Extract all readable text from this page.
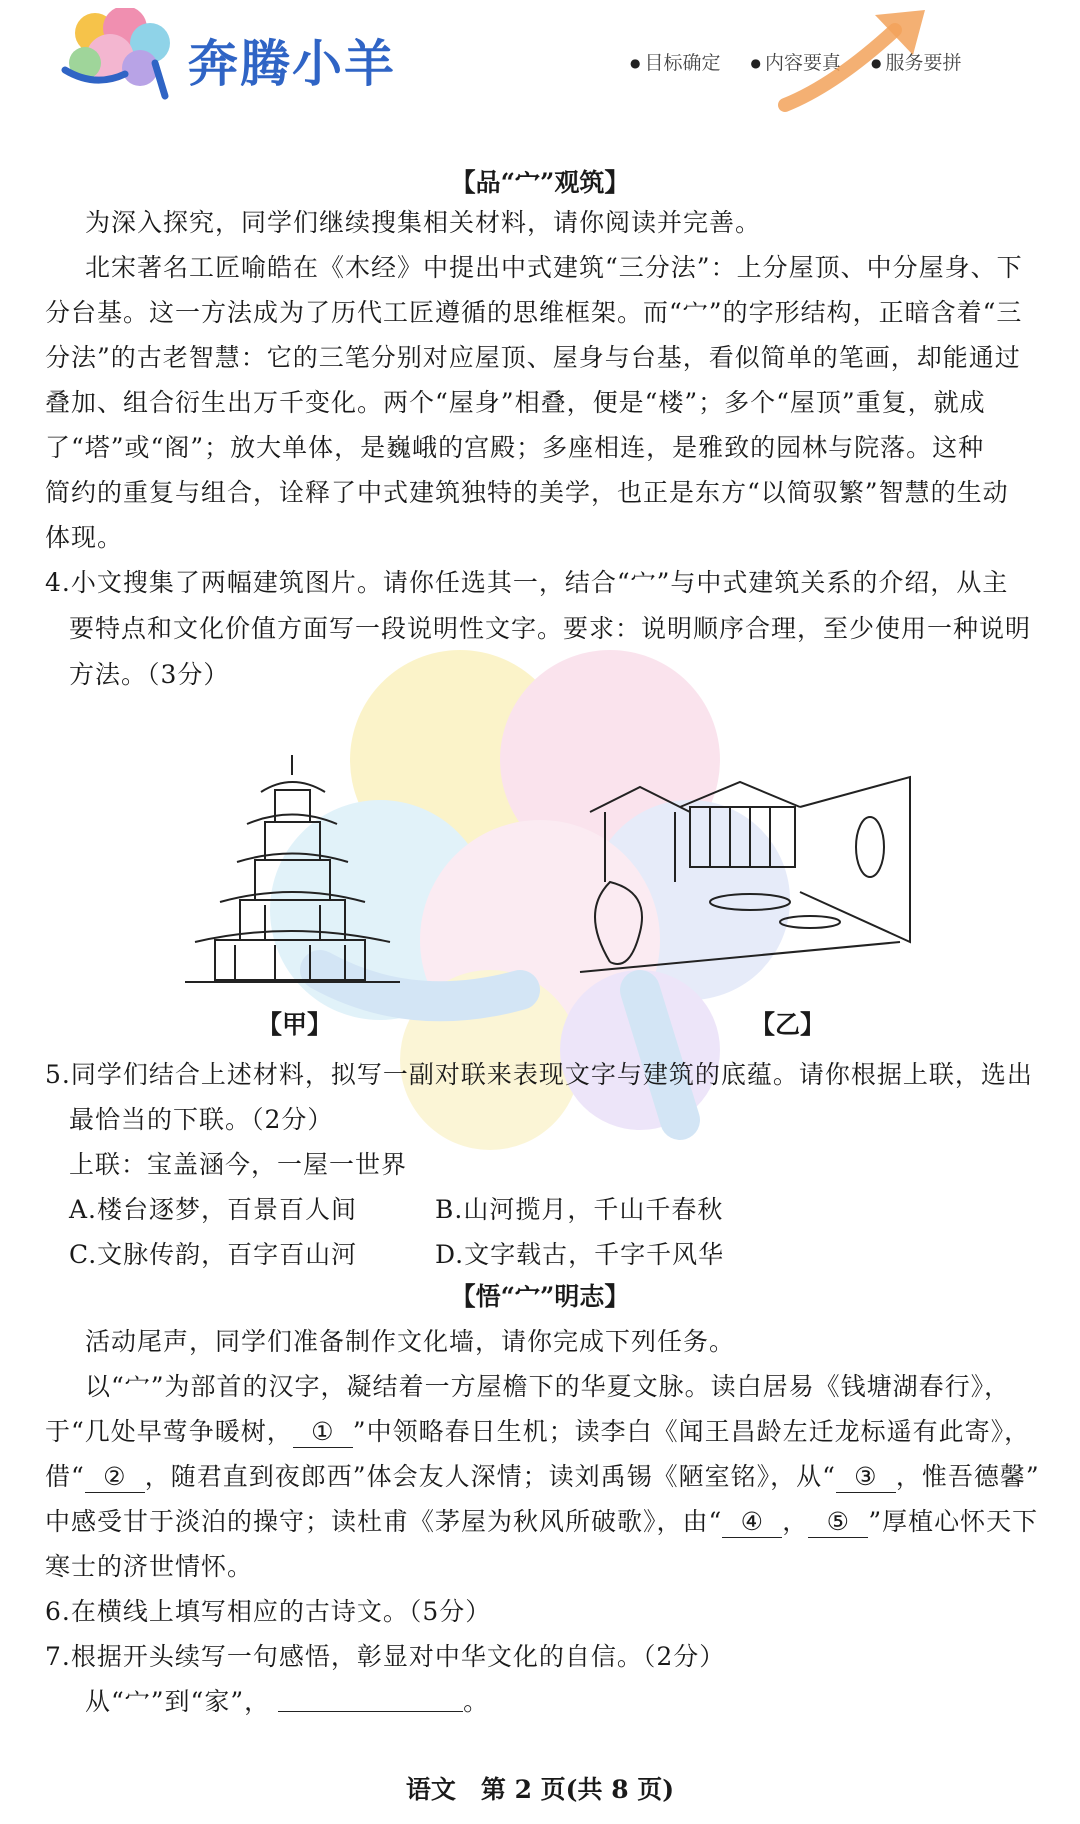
奔腾小羊	● 目标确定	● 内容要真	● 服务要拼
【品“宀”观筑】
为深入探究，同学们继续搜集相关材料，请你阅读并完善。
北宋著名工匠喻皓在《木经》中提出中式建筑“三分法”：上分屋顶、中分屋身、下
分台基。这一方法成为了历代工匠遵循的思维框架。而“宀”的字形结构，正暗含着“三
分法”的古老智慧：它的三笔分别对应屋顶、屋身与台基，看似简单的笔画，却能通过
叠加、组合衍生出万千变化。两个“屋身”相叠，便是“楼”；多个“屋顶”重复，就成
了“塔”或“阁”；放大单体，是巍峨的宫殿；多座相连，是雅致的园林与院落。这种
简约的重复与组合，诠释了中式建筑独特的美学，也正是东方“以简驭繁”智慧的生动
体现。
4.小文搜集了两幅建筑图片。请你任选其一，结合“宀”与中式建筑关系的介绍，从主
要特点和文化价值方面写一段说明性文字。要求：说明顺序合理，至少使用一种说明
方法。（3分）
【甲】	【乙】
5.同学们结合上述材料，拟写一副对联来表现文字与建筑的底蕴。请你根据上联，选出
最恰当的下联。（2分）
上联：宝盖涵今，一屋一世界
A.楼台逐梦，百景百人间	B.山河揽月，千山千春秋
C.文脉传韵，百字百山河	D.文字载古，千字千风华
【悟“宀”明志】
活动尾声，同学们准备制作文化墙，请你完成下列任务。
以“宀”为部首的汉字，凝结着一方屋檐下的华夏文脉。读白居易《钱塘湖春行》，
于“几处早莺争暖树， ① ”中领略春日生机；读李白《闻王昌龄左迁龙标遥有此寄》，
借“ ② ，随君直到夜郎西”体会友人深情；读刘禹锡《陋室铭》，从“ ③ ，惟吾德馨”
中感受甘于淡泊的操守；读杜甫《茅屋为秋风所破歌》，由“ ④ ， ⑤ ”厚植心怀天下
寒士的济世情怀。
6.在横线上填写相应的古诗文。（5分）
7.根据开头续写一句感悟，彰显对中华文化的自信。（2分）
从“宀”到“家”，	。
语文　第 2 页(共 8 页)
